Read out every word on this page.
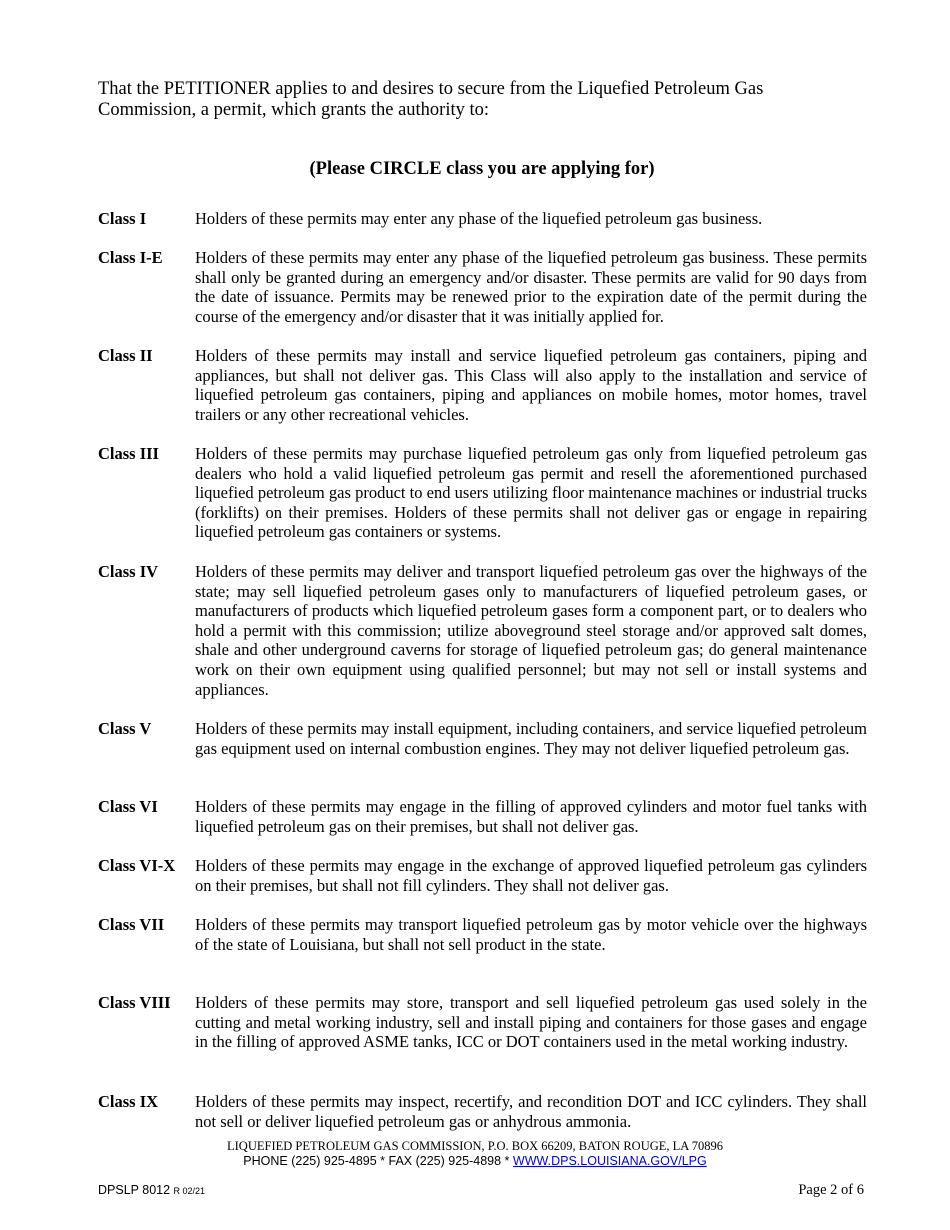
That the PETITIONER applies to and desires to secure from the Liquefied Petroleum Gas Commission, a permit, which grants the authority to:

(Please CIRCLE class you are applying for)

Class I	Holders of these permits may enter any phase of the liquefied petroleum gas business.
Class I-E Holders of these permits may enter any phase of the liquefied petroleum gas business. These permits shall only be granted during an emergency and/or disaster. These permits are valid for 90 days from the date of issuance. Permits may be renewed prior to the expiration date of the permit during the course of the emergency and/or disaster that it was initially applied for.
Class II	Holders of these permits may install and service liquefied petroleum gas containers, piping and appliances, but shall not deliver gas. This Class will also apply to the installation and service of liquefied petroleum gas containers, piping and appliances on mobile homes, motor homes, travel trailers or any other recreational vehicles.
Class III Holders of these permits may purchase liquefied petroleum gas only from liquefied petroleum gas dealers who hold a valid liquefied petroleum gas permit and resell the aforementioned purchased liquefied petroleum gas product to end users utilizing floor maintenance machines or industrial trucks (forklifts) on their premises. Holders of these permits shall not deliver gas or engage in repairing liquefied petroleum gas containers or systems.
Class IV Holders of these permits may deliver and transport liquefied petroleum gas over the highways of the state; may sell liquefied petroleum gases only to manufacturers of liquefied petroleum gases, or manufacturers of products which liquefied petroleum gases form a component part, or to dealers who hold a permit with this commission; utilize aboveground steel storage and/or approved salt domes, shale and other underground caverns for storage of liquefied petroleum gas; do general maintenance work on their own equipment using qualified personnel; but may not sell or install systems and appliances.
Class V	Holders of these permits may install equipment, including containers, and service liquefied petroleum gas equipment used on internal combustion engines. They may not deliver liquefied petroleum gas.
Class VI Holders of these permits may engage in the filling of approved cylinders and motor fuel tanks with liquefied petroleum gas on their premises, but shall not deliver gas.
Class VI-X Holders of these permits may engage in the exchange of approved liquefied petroleum gas cylinders on their premises, but shall not fill cylinders. They shall not deliver gas.
Class VII Holders of these permits may transport liquefied petroleum gas by motor vehicle over the highways of the state of Louisiana, but shall not sell product in the state.
Class VIII Holders of these permits may store, transport and sell liquefied petroleum gas used solely in the cutting and metal working industry, sell and install piping and containers for those gases and engage in the filling of approved ASME tanks, ICC or DOT containers used in the metal working industry.
Class IX Holders of these permits may inspect, recertify, and recondition DOT and ICC cylinders. They shall not sell or deliver liquefied petroleum gas or anhydrous ammonia.
LIQUEFIED PETROLEUM GAS COMMISSION, P.O. BOX 66209, BATON ROUGE, LA 70896
PHONE (225) 925-4895 * FAX (225) 925-4898 * WWW.DPS.LOUISIANA.GOV/LPG
DPSLP 8012 R 02/21	Page 2 of 6
